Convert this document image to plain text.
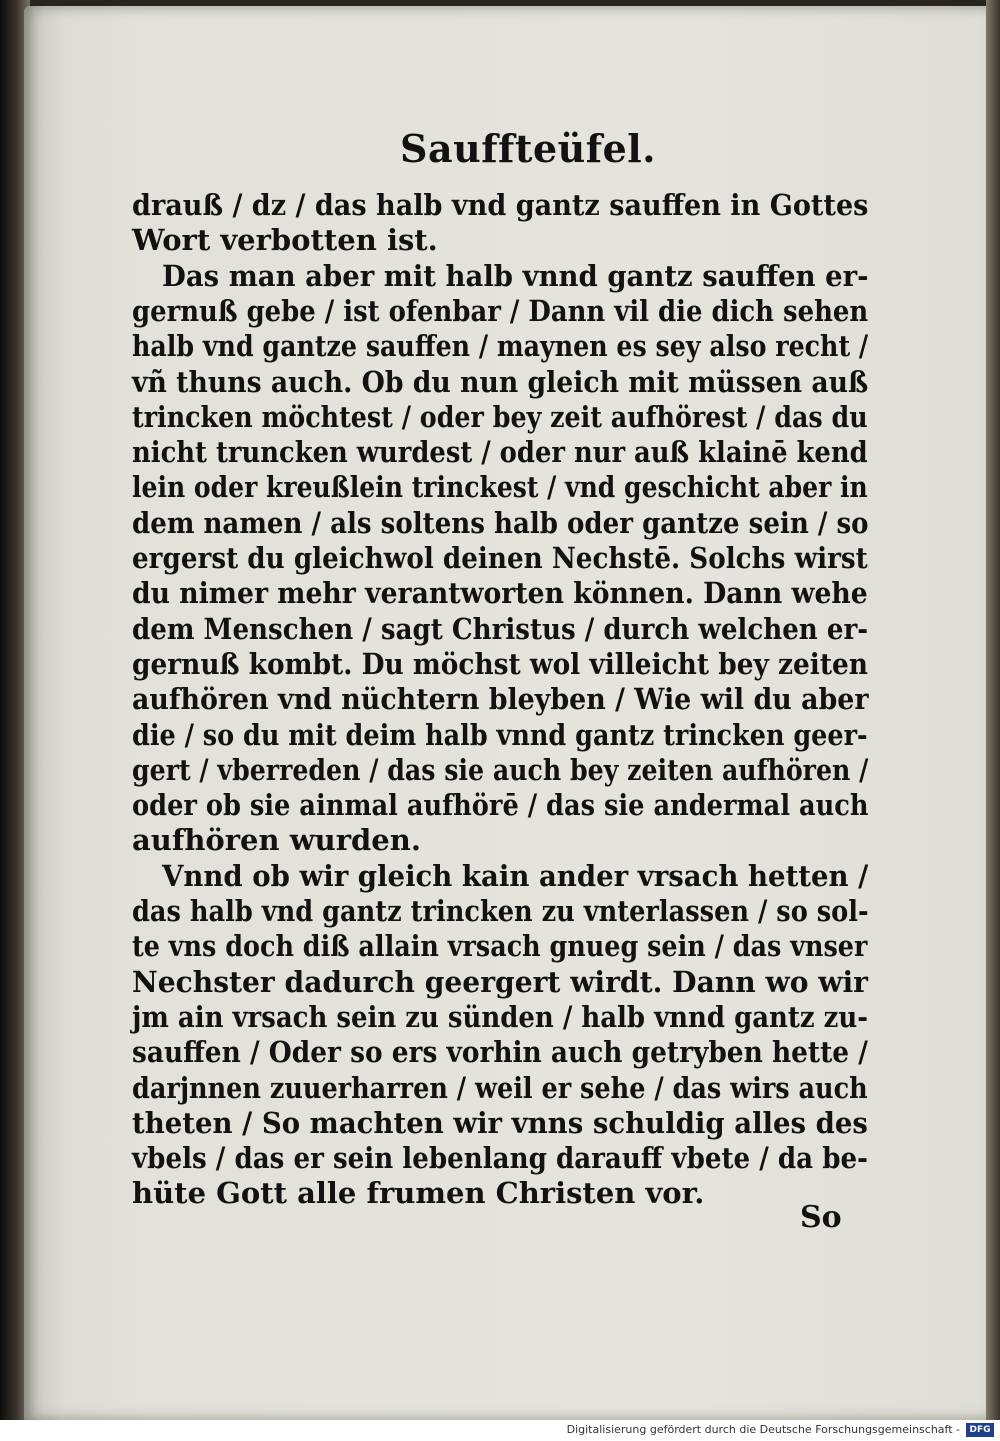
Sauffteüfel.
drauß / dz / das halb vnd gantz sauffen in Gottes
Wort verbotten ist.
Das man aber mit halb vnnd gantz sauffen er-
gernuß gebe / ist ofenbar / Dann vil die dich sehen
halb vnd gantze sauffen / maynen es sey also recht /
vñ thuns auch. Ob du nun gleich mit müssen auß
trincken möchtest / oder bey zeit aufhörest / das du
nicht truncken wurdest / oder nur auß klainē kend
lein oder kreußlein trinckest / vnd geschicht aber in
dem namen / als soltens halb oder gantze sein / so
ergerst du gleichwol deinen Nechstē. Solchs wirst
du nimer mehr verantworten können. Dann wehe
dem Menschen / sagt Christus / durch welchen er-
gernuß kombt. Du möchst wol villeicht bey zeiten
aufhören vnd nüchtern bleyben / Wie wil du aber
die / so du mit deim halb vnnd gantz trincken geer-
gert / vberreden / das sie auch bey zeiten aufhören /
oder ob sie ainmal aufhörē / das sie andermal auch
aufhören wurden.
Vnnd ob wir gleich kain ander vrsach hetten /
das halb vnd gantz trincken zu vnterlassen / so sol-
te vns doch diß allain vrsach gnueg sein / das vnser
Nechster dadurch geergert wirdt. Dann wo wir
jm ain vrsach sein zu sünden / halb vnnd gantz zu-
sauffen / Oder so ers vorhin auch getryben hette /
darjnnen zuuerharren / weil er sehe / das wirs auch
theten / So machten wir vnns schuldig alles des
vbels / das er sein lebenlang darauff vbete / da be-
hüte Gott alle frumen Christen vor.
So
Digitalisierung gefördert durch die Deutsche Forschungsgemeinschaft -	DFG
